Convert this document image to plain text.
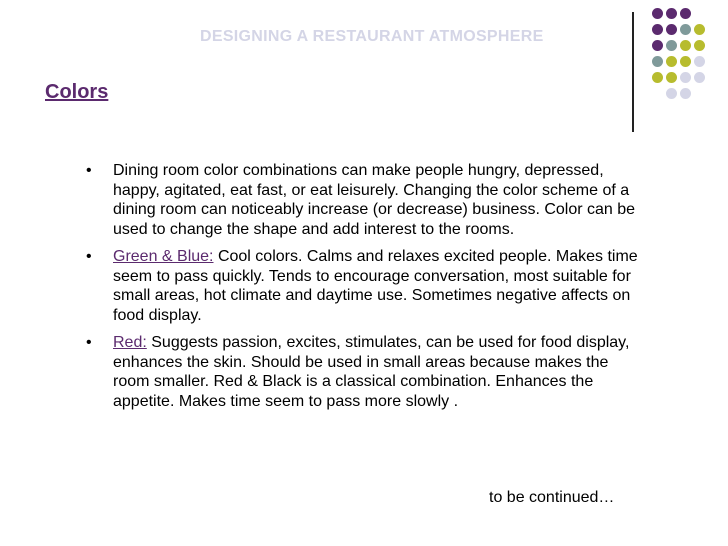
DESIGNING A RESTAURANT ATMOSPHERE
Colors
• Dining room color combinations can make people hungry, depressed, happy, agitated, eat fast, or eat leisurely. Changing the color scheme of a dining room can noticeably increase (or decrease) business. Color can be used to change the shape and add interest to the rooms.
• Green & Blue: Cool colors. Calms and relaxes excited people. Makes time seem to pass quickly. Tends to encourage conversation, most suitable for small areas, hot climate and daytime use. Sometimes negative affects on food display.
• Red: Suggests passion, excites, stimulates, can be used for food display, enhances the skin. Should be used in small areas because makes the room smaller. Red & Black is a classical combination. Enhances the appetite. Makes time seem to pass more slowly .
to be continued…
